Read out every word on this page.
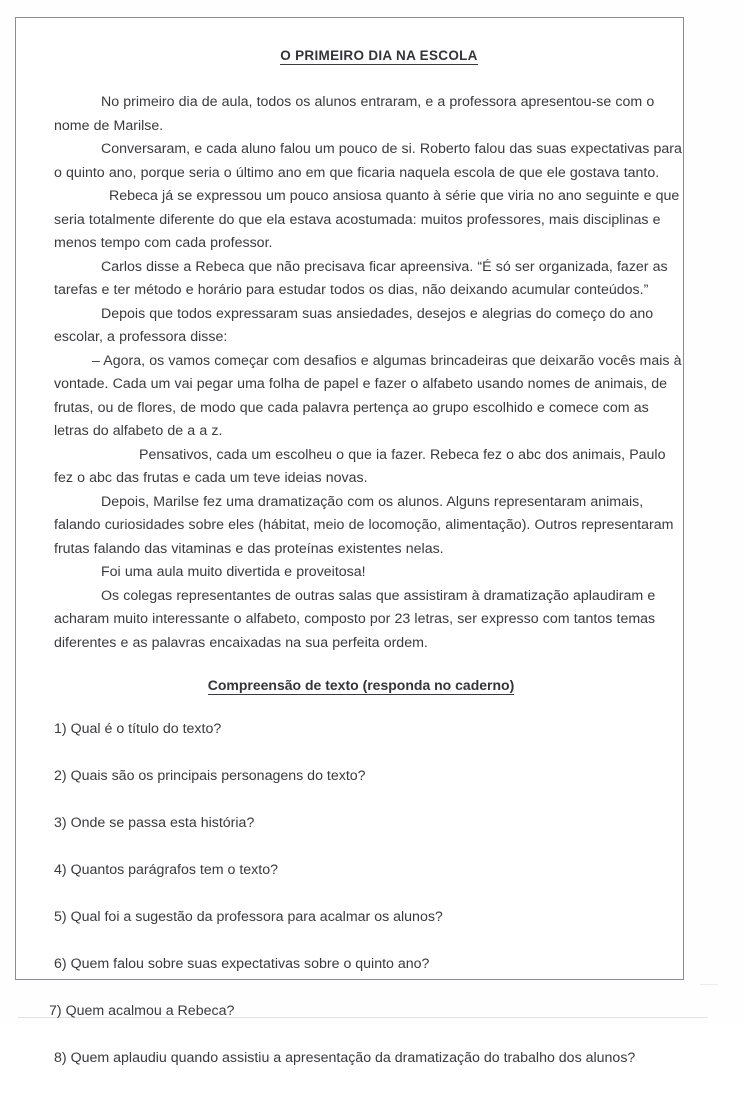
O PRIMEIRO DIA NA ESCOLA

No primeiro dia de aula, todos os alunos entraram, e a professora apresentou-se com o nome de Marilse.

Conversaram, e cada aluno falou um pouco de si. Roberto falou das suas expectativas para o quinto ano, porque seria o último ano em que ficaria naquela escola de que ele gostava tanto.

Rebeca já se expressou um pouco ansiosa quanto à série que viria no ano seguinte e que seria totalmente diferente do que ela estava acostumada: muitos professores, mais disciplinas e menos tempo com cada professor.

Carlos disse a Rebeca que não precisava ficar apreensiva. “É só ser organizada, fazer as tarefas e ter método e horário para estudar todos os dias, não deixando acumular conteúdos.”

Depois que todos expressaram suas ansiedades, desejos e alegrias do começo do ano escolar, a professora disse:

– Agora, os vamos começar com desafios e algumas brincadeiras que deixarão vocês mais à vontade. Cada um vai pegar uma folha de papel e fazer o alfabeto usando nomes de animais, de frutas, ou de flores, de modo que cada palavra pertença ao grupo escolhido e comece com as letras do alfabeto de a a z.

Pensativos, cada um escolheu o que ia fazer. Rebeca fez o abc dos animais, Paulo fez o abc das frutas e cada um teve ideias novas.

Depois, Marilse fez uma dramatização com os alunos. Alguns representaram animais, falando curiosidades sobre eles (hábitat, meio de locomoção, alimentação). Outros representaram frutas falando das vitaminas e das proteínas existentes nelas.

Foi uma aula muito divertida e proveitosa!

Os colegas representantes de outras salas que assistiram à dramatização aplaudiram e acharam muito interessante o alfabeto, composto por 23 letras, ser expresso com tantos temas diferentes e as palavras encaixadas na sua perfeita ordem.

Compreensão de texto (responda no caderno)
1) Qual é o título do texto?
2) Quais são os principais personagens do texto?
3) Onde se passa esta história?
4) Quantos parágrafos tem o texto?
5) Qual foi a sugestão da professora para acalmar os alunos?
6) Quem falou sobre suas expectativas sobre o quinto ano?
7) Quem acalmou a Rebeca?
8) Quem aplaudiu quando assistiu a apresentação da dramatização do trabalho dos alunos?
